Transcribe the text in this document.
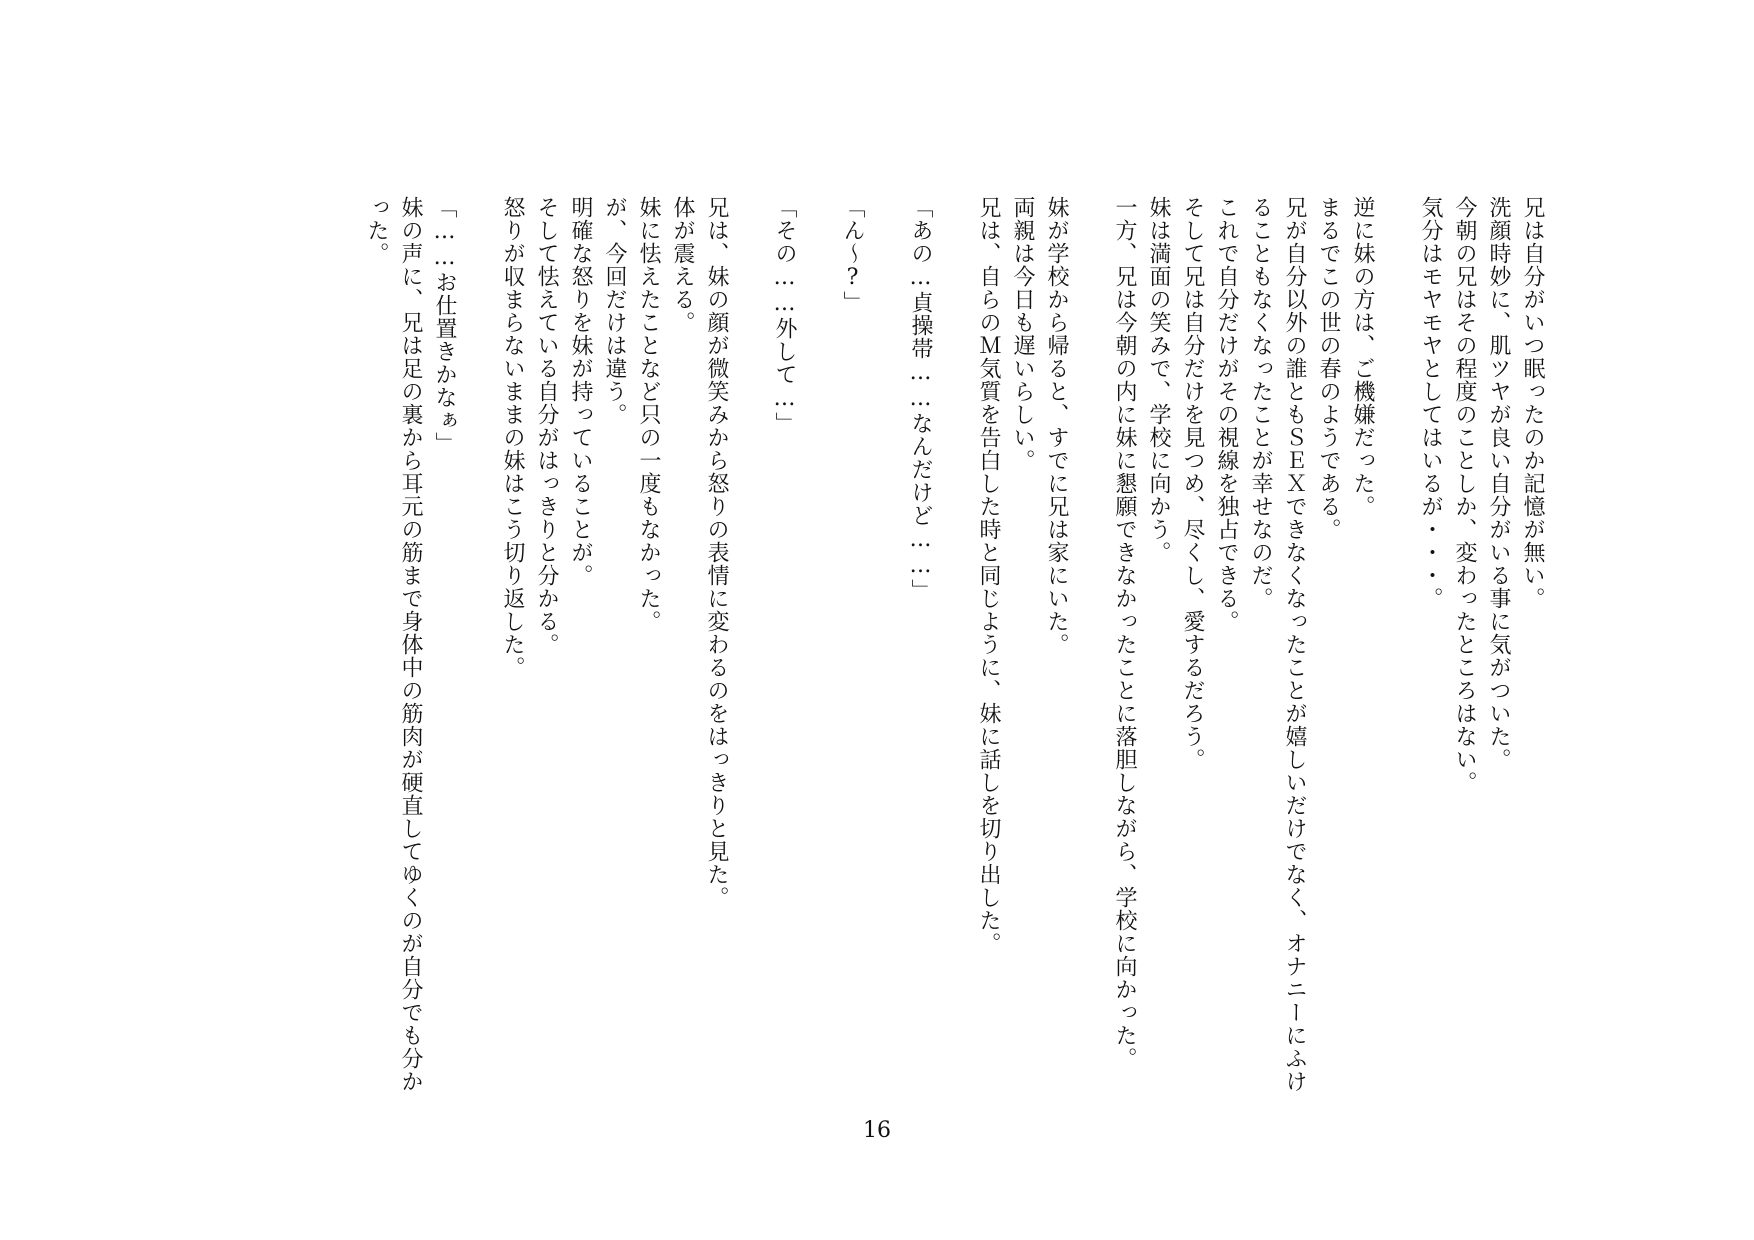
兄は自分がいつ眠ったのか記憶が無い。
洗顔時妙に、肌ツヤが良い自分がいる事に気がついた。
今朝の兄はその程度のことしか、変わったところはない。
気分はモヤモヤとしてはいるが・・・。
逆に妹の方は、ご機嫌だった。
まるでこの世の春のようである。
兄が自分以外の誰ともＳＥＸできなくなったことが嬉しいだけでなく、オナニーにふけ
ることもなくなったことが幸せなのだ。
これで自分だけがその視線を独占できる。
そして兄は自分だけを見つめ、尽くし、愛するだろう。
妹は満面の笑みで、学校に向かう。
一方、兄は今朝の内に妹に懇願できなかったことに落胆しながら、学校に向かった。
妹が学校から帰ると、すでに兄は家にいた。
両親は今日も遅いらしい。
兄は、自らのＭ気質を告白した時と同じように、妹に話しを切り出した。
「あの…貞操帯……なんだけど……」
「ん～?」
「その……外して…」
兄は、妹の顔が微笑みから怒りの表情に変わるのをはっきりと見た。
体が震える。
妹に怯えたことなど只の一度もなかった。
が、今回だけは違う。
明確な怒りを妹が持っていることが。
そして怯えている自分がはっきりと分かる。
怒りが収まらないままの妹はこう切り返した。
「……お仕置きかなぁ」
妹の声に、兄は足の裏から耳元の筋まで身体中の筋肉が硬直してゆくのが自分でも分か
った。
16
